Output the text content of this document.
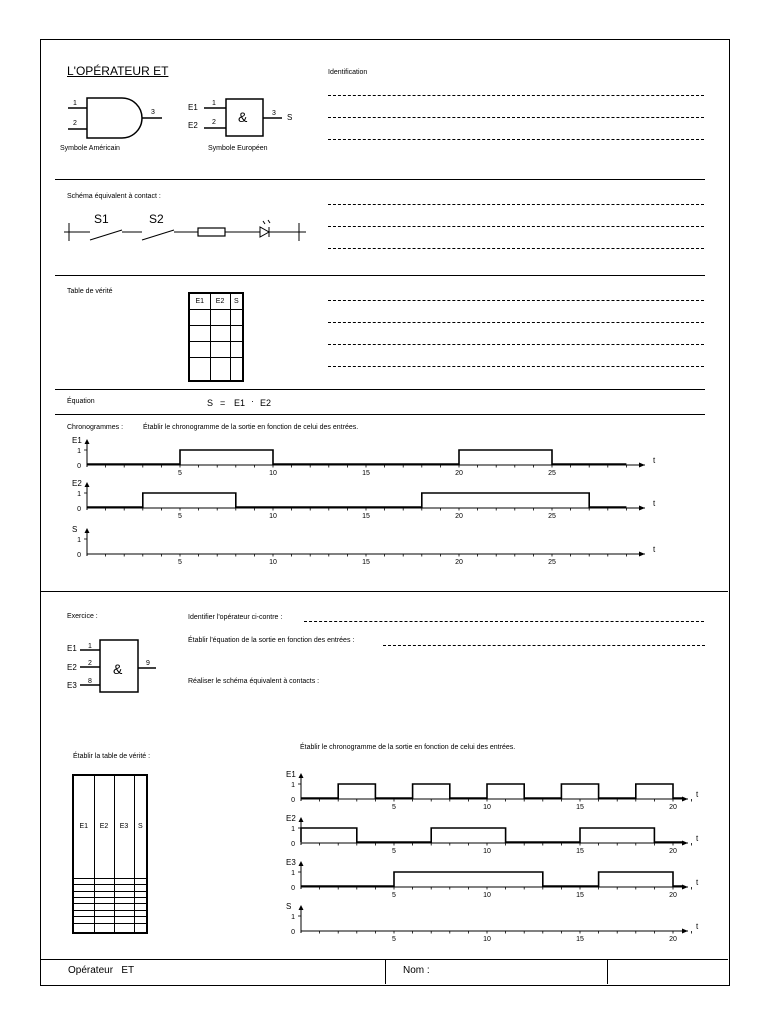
L'OPÉRATEUR ET	Identification
1
2
3
Symbole Américain
&
E1
E2
1
2
3 S
Symbole Européen
Schéma équivalent à contact :
S1	S2
Table de vérité
E1	E2	S

Équation	S = E1 · E2
Chronogrammes :	Établir le chronogramme de la sortie en fonction de celui des entrées.
1
0
E1
t
5	10	15	20	25
1
0
E2
t
5	10	15	20	25
1
0
S
t
5	10	15	20	25
Exercice :	Identifier l'opérateur ci-contre :
Établir l'équation de la sortie en fonction des entrées :
Réaliser le schéma équivalent à contacts :
&
E1
E2
E3
1
2
8
9
Établir la table de vérité :
E1	E2	E3	S

Établir le chronogramme de la sortie en fonction de celui des entrées.
1
0
E1
t
5	10	15	20
1
0
E2
t
5	10	15	20
1
0
E3
t
5	10	15	20
1
0
S
t
5	10	15	20
Opérateur   ET	Nom :
